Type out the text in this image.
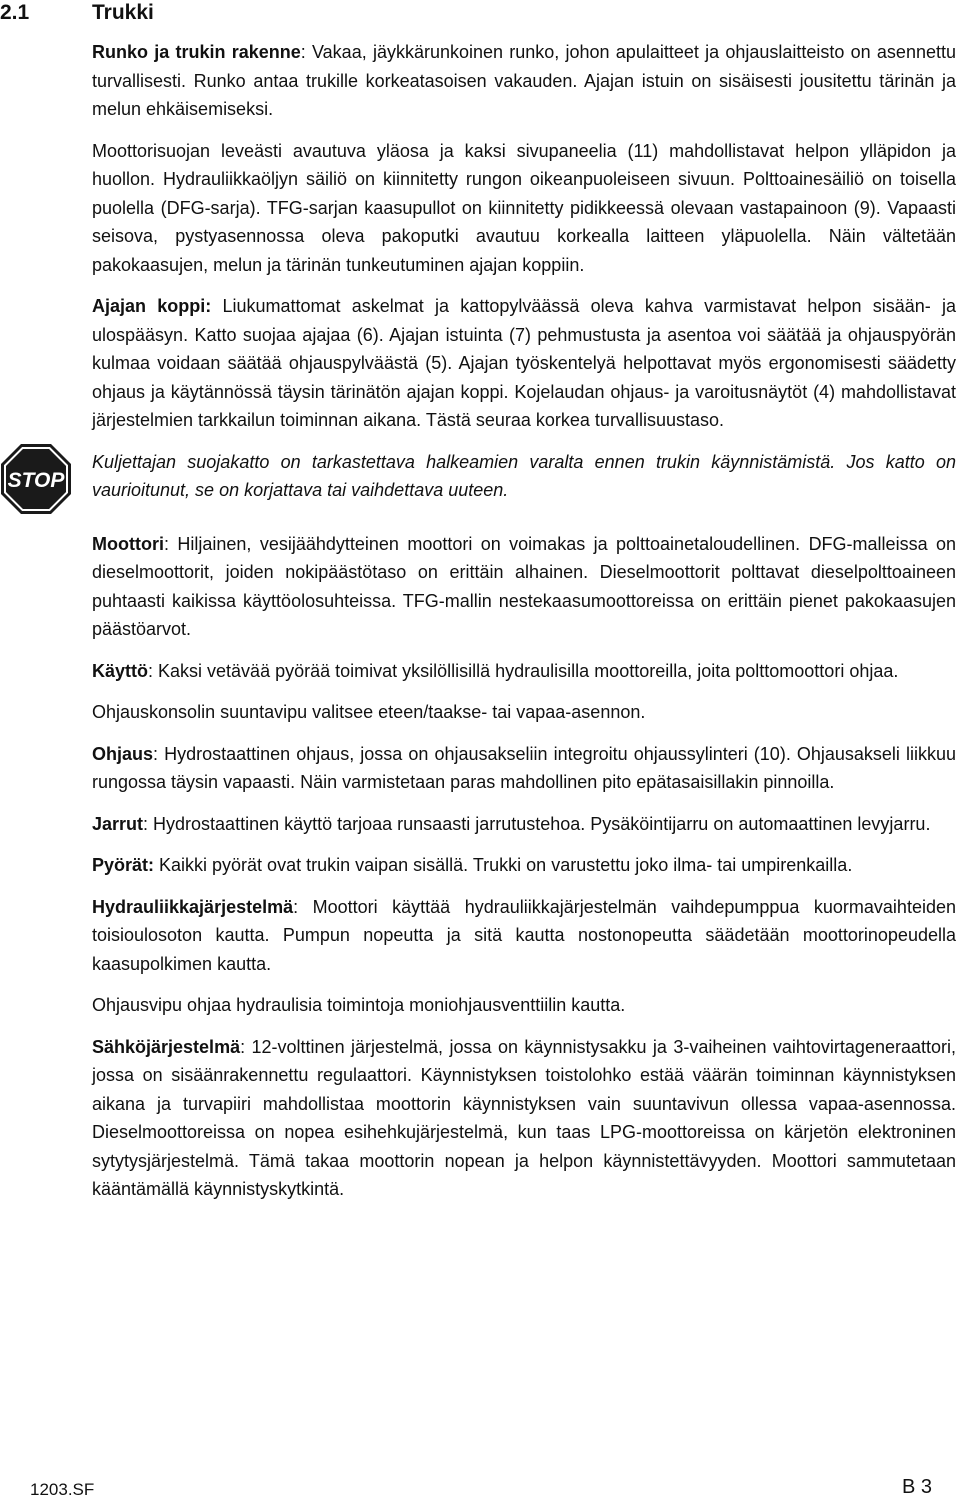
2.1	Trukki

Runko ja trukin rakenne: Vakaa, jäykkärunkoinen runko, johon apulaitteet ja ohjauslaitteisto on asennettu turvallisesti. Runko antaa trukille korkeatasoisen vakauden. Ajajan istuin on sisäisesti jousitettu tärinän ja melun ehkäisemiseksi.

Moottorisuojan leveästi avautuva yläosa ja kaksi sivupaneelia (11) mahdollistavat helpon ylläpidon ja huollon. Hydrauliikkaöljyn säiliö on kiinnitetty rungon oikeanpuoleiseen sivuun. Polttoainesäiliö on toisella puolella (DFG-sarja). TFG-sarjan kaasupullot on kiinnitetty pidikkeessä olevaan vastapainoon (9). Vapaasti seisova, pystyasennossa oleva pakoputki avautuu korkealla laitteen yläpuolella. Näin vältetään pakokaasujen, melun ja tärinän tunkeutuminen ajajan koppiin.

Ajajan koppi: Liukumattomat askelmat ja kattopylväässä oleva kahva varmistavat helpon sisään- ja ulospääsyn. Katto suojaa ajajaa (6). Ajajan istuinta (7) pehmustusta ja asentoa voi säätää ja ohjauspyörän kulmaa voidaan säätää ohjauspylväästä (5). Ajajan työskentelyä helpottavat myös ergonomisesti säädetty ohjaus ja käytännössä täysin tärinätön ajajan koppi. Kojelaudan ohjaus- ja varoitusnäytöt (4) mahdollistavat järjestelmien tarkkailun toiminnan aikana. Tästä seuraa korkea turvallisuustaso.

STOP
Kuljettajan suojakatto on tarkastettava halkeamien varalta ennen trukin käynnistämistä. Jos katto on vaurioitunut, se on korjattava tai vaihdettava uuteen.

Moottori: Hiljainen, vesijäähdytteinen moottori on voimakas ja polttoainetaloudellinen. DFG-malleissa on dieselmoottorit, joiden nokipäästötaso on erittäin alhainen. Dieselmoottorit polttavat dieselpolttoaineen puhtaasti kaikissa käyttöolosuhteissa. TFG-mallin nestekaasumoottoreissa on erittäin pienet pakokaasujen päästöarvot.

Käyttö: Kaksi vetävää pyörää toimivat yksilöllisillä hydraulisilla moottoreilla, joita polttomoottori ohjaa.

Ohjauskonsolin suuntavipu valitsee eteen/taakse- tai vapaa-asennon.

Ohjaus: Hydrostaattinen ohjaus, jossa on ohjausakseliin integroitu ohjaussylinteri (10). Ohjausakseli liikkuu rungossa täysin vapaasti. Näin varmistetaan paras mahdollinen pito epätasaisillakin pinnoilla.

Jarrut: Hydrostaattinen käyttö tarjoaa runsaasti jarrutustehoa. Pysäköintijarru on automaattinen levyjarru.

Pyörät: Kaikki pyörät ovat trukin vaipan sisällä. Trukki on varustettu joko ilma- tai umpirenkailla.

Hydrauliikkajärjestelmä: Moottori käyttää hydrauliikkajärjestelmän vaihdepumppua kuormavaihteiden toisioulosoton kautta. Pumpun nopeutta ja sitä kautta nostonopeutta säädetään moottorinopeudella kaasupolkimen kautta.

Ohjausvipu ohjaa hydraulisia toimintoja moniohjausventtiilin kautta.

Sähköjärjestelmä: 12-volttinen järjestelmä, jossa on käynnistysakku ja 3-vaiheinen vaihtovirtageneraattori, jossa on sisäänrakennettu regulaattori. Käynnistyksen toistolohko estää väärän toiminnan käynnistyksen aikana ja turvapiiri mahdollistaa moottorin käynnistyksen vain suuntavivun ollessa vapaa-asennossa. Dieselmoottoreissa on nopea esihehkujärjestelmä, kun taas LPG-moottoreissa on kärjetön elektroninen sytytysjärjestelmä. Tämä takaa moottorin nopean ja helpon käynnistettävyyden. Moottori sammutetaan kääntämällä käynnistyskytkintä.

1203.SF	B 3
